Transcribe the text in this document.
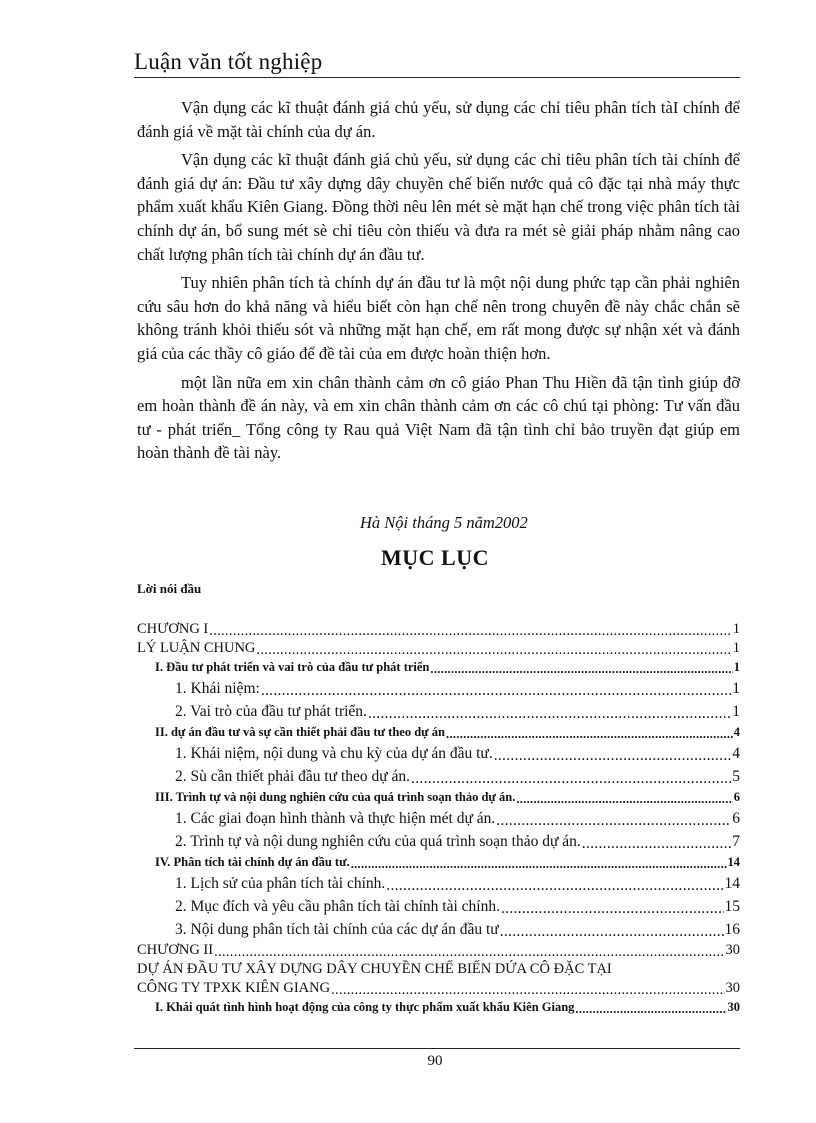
Luận văn tốt nghiệp

Vận dụng các kĩ thuật đánh giá chủ yếu, sử dụng các chỉ tiêu phân tích tàI chính để đánh giá về mặt tài chính của dự án.

Vận dụng các kĩ thuật đánh giá chủ yếu, sử dụng các chỉ tiêu phân tích tài chính để đánh giá dự án: Đầu tư xây dựng dây chuyền chế biến nước quả cô đặc tại nhà máy thực phẩm xuất khẩu Kiên Giang. Đồng thời nêu lên mét sè mặt hạn chế trong việc phân tích tài chính dự án, bổ sung mét sè chỉ tiêu còn thiếu và đưa ra mét sè giải pháp nhằm nâng cao chất lượng phân tích tài chính dự án đầu tư.

Tuy nhiên phân tích tà chính dự án đầu tư là một nội dung phức tạp cần phải nghiên cứu sâu hơn do khả năng và hiểu biết còn hạn chế nên trong chuyên đề này chắc chắn sẽ không tránh khỏi thiếu sót và những mặt hạn chế, em rất mong được sự nhận xét và đánh giá của các thầy cô giáo để đề tài của em được hoàn thiện hơn.

một lần nữa em xin chân thành cảm ơn cô giáo Phan Thu Hiền đã tận tình giúp đỡ em hoàn thành đề án này, và em xin chân thành cảm ơn các cô chú tại phòng: Tư vấn đầu tư - phát triển_ Tổng công ty Rau quả Việt Nam đã tận tình chỉ bảo truyền đạt giúp em hoàn thành đề tài này.

Hà Nội tháng 5 năm2002
MỤC LỤC
Lời nói đầu
CHƯƠNG I .....	1
LÝ LUẬN CHUNG .....	1
I. Đầu tư phát triển và vai trò của đầu tư phát triển .....	1
1. Khái niệm: .....	1
2. Vai trò của đầu tư phát triển. .....	1
II. dự án đầu tư và sự cần thiết phải đầu tư theo dự án .....	4
1. Khái niệm, nội dung và chu kỳ của dự án đầu tư. .....	4
2. Sù cần thiết phải đầu tư theo dự án. .....	5
III. Trình tự và nội dung nghiên cứu của quá trình soạn thảo dự án. .....	6
1. Các giai đoạn hình thành và thực hiện mét dự án. .....	6
2. Trình tự và nội dung nghiên cứu của quá trình soạn thảo dự án. .....	7
IV. Phân tích tài chính dự án đầu tư. .....	14
1. Lịch sử của phân tích tài chính. .....	14
2. Mục đích và yêu cầu phân tích tài chính tài chính. .....	15
3. Nội dung phân tích tài chính của các dự án đầu tư .....	16
CHƯƠNG II .....	30
DỰ ÁN ĐẦU TƯ XÂY DỰNG DÂY CHUYỀN CHẾ BIẾN DỨA CÔ ĐẶC TẠI
CÔNG TY TPXK KIÊN GIANG .....	30
I. Khái quát tình hình hoạt động của công ty thực phẩm xuất khẩu Kiên Giang .....	30
90
